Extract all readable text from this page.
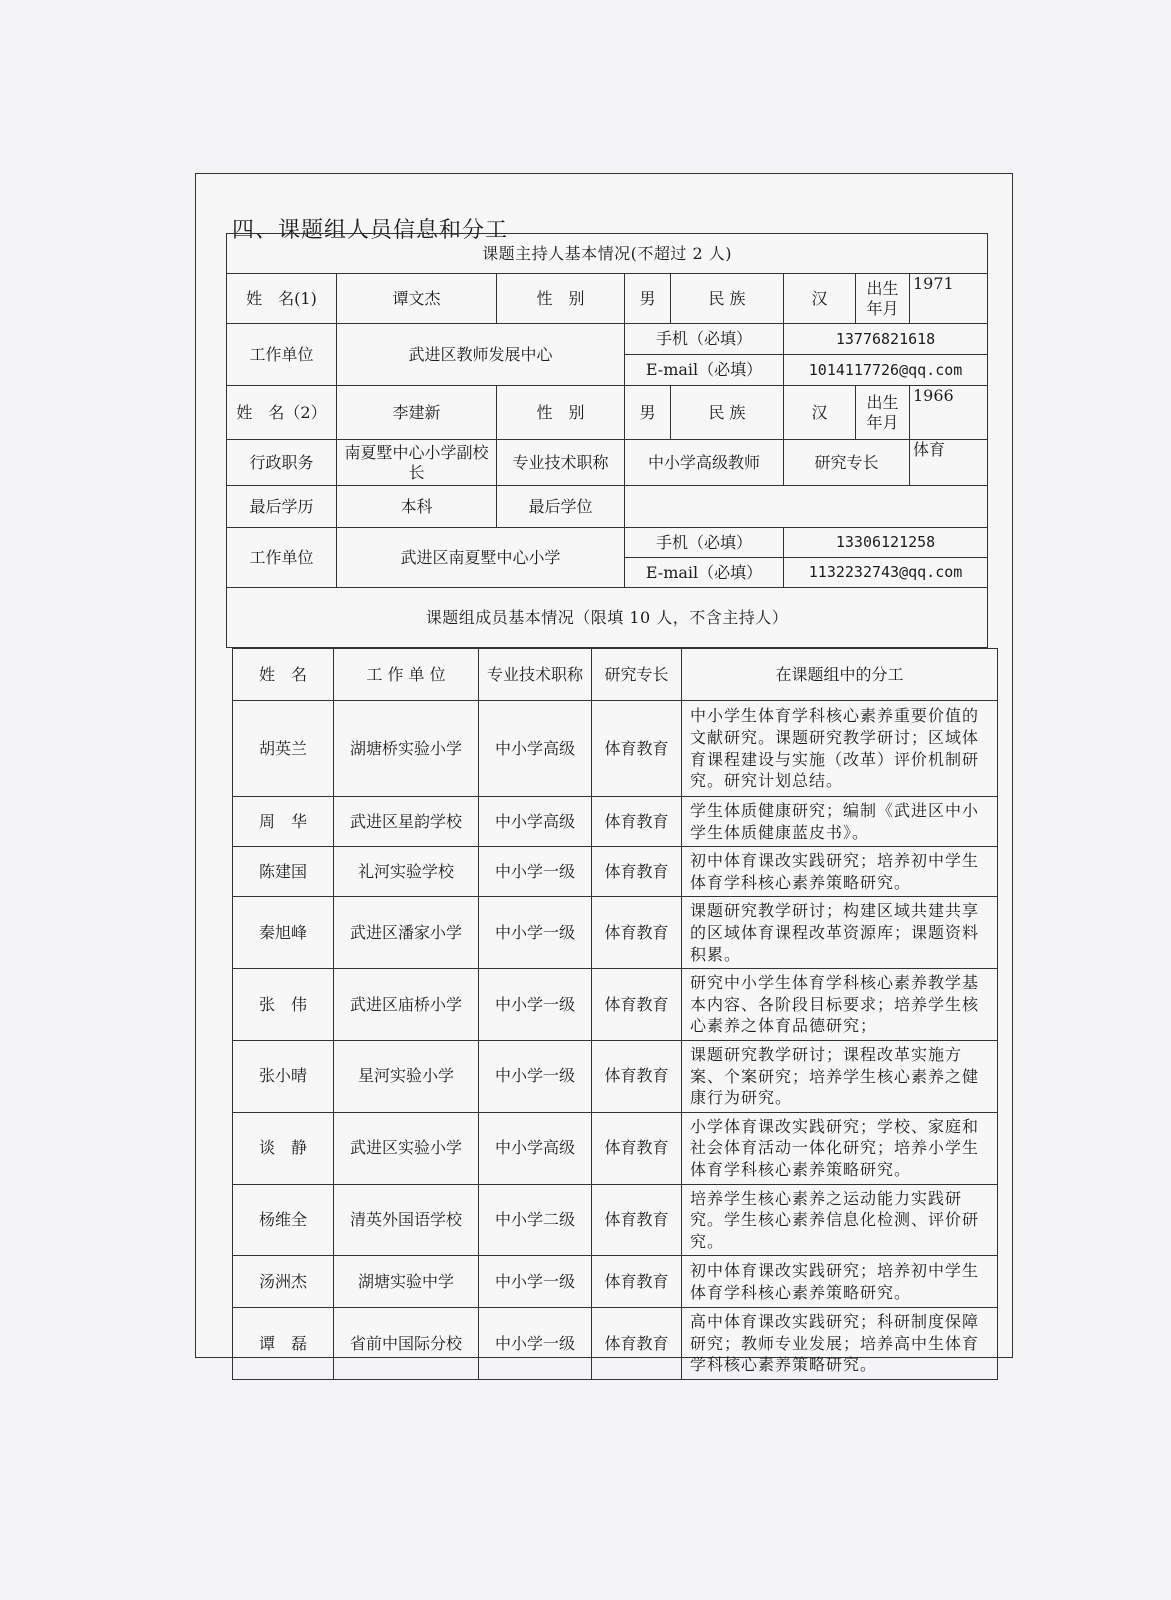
四、课题组人员信息和分工
课题主持人基本情况(不超过 2 人)							
姓　名(1)	谭文杰	性　别	男	民 族	汉	出生年月	1971
工作单位	武进区教师发展中心		手机（必填）		13776821618		
			E-mail（必填）		1014117726@qq.com		
姓　名（2）	李建新	性　别	男	民 族	汉	出生年月	1966
行政职务	南夏墅中心小学副校长	专业技术职称	中小学高级教师		研究专长		体育
最后学历	本科	最后学位					
工作单位	武进区南夏墅中心小学		手机（必填）		13306121258		
			E-mail（必填）		1132232743@qq.com		
课题组成员基本情况（限填 10 人，不含主持人）							
姓　名	工 作 单 位	专业技术职称	研究专长	在课题组中的分工
胡英兰	湖塘桥实验小学	中小学高级	体育教育	中小学生体育学科核心素养重要价值的文献研究。课题研究教学研讨；区域体育课程建设与实施（改革）评价机制研究。研究计划总结。
周　华	武进区星韵学校	中小学高级	体育教育	学生体质健康研究；编制《武进区中小学生体质健康蓝皮书》。
陈建国	礼河实验学校	中小学一级	体育教育	初中体育课改实践研究；培养初中学生体育学科核心素养策略研究。
秦旭峰	武进区潘家小学	中小学一级	体育教育	课题研究教学研讨；构建区域共建共享的区域体育课程改革资源库；课题资料积累。
张　伟	武进区庙桥小学	中小学一级	体育教育	研究中小学生体育学科核心素养教学基本内容、各阶段目标要求；培养学生核心素养之体育品德研究；
张小晴	星河实验小学	中小学一级	体育教育	课题研究教学研讨；课程改革实施方案、个案研究；培养学生核心素养之健康行为研究。
谈　静	武进区实验小学	中小学高级	体育教育	小学体育课改实践研究；学校、家庭和社会体育活动一体化研究；培养小学生体育学科核心素养策略研究。
杨维全	清英外国语学校	中小学二级	体育教育	培养学生核心素养之运动能力实践研究。学生核心素养信息化检测、评价研究。
汤洲杰	湖塘实验中学	中小学一级	体育教育	初中体育课改实践研究；培养初中学生体育学科核心素养策略研究。
谭　磊	省前中国际分校	中小学一级	体育教育	高中体育课改实践研究；科研制度保障研究；教师专业发展；培养高中生体育学科核心素养策略研究。
